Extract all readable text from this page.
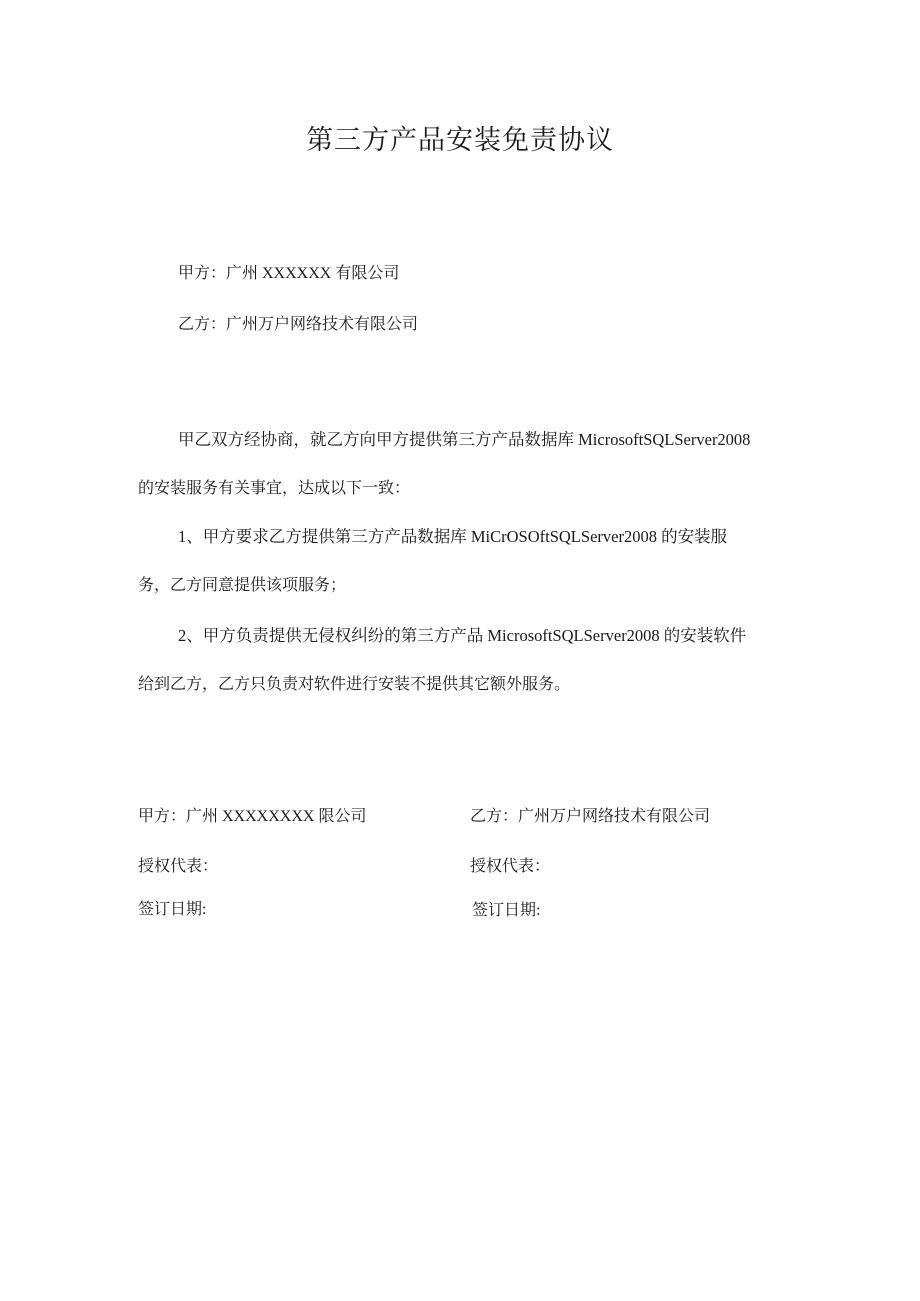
第三方产品安装免责协议

甲方：广州 XXXXXX 有限公司

乙方：广州万户网络技术有限公司

甲乙双方经协商，就乙方向甲方提供第三方产品数据库 MicrosoftSQLServer2008

的安装服务有关事宜，达成以下一致：

1、甲方要求乙方提供第三方产品数据库 MiCrOSOftSQLServer2008 的安装服

务，乙方同意提供该项服务；

2、甲方负责提供无侵权纠纷的第三方产品 MicrosoftSQLServer2008 的安装软件

给到乙方，乙方只负责对软件进行安装不提供其它额外服务。

甲方：广州 XXXXXXXX 限公司	乙方：广州万户网络技术有限公司

授权代表：	授权代表：

签订日期:	签订日期:
